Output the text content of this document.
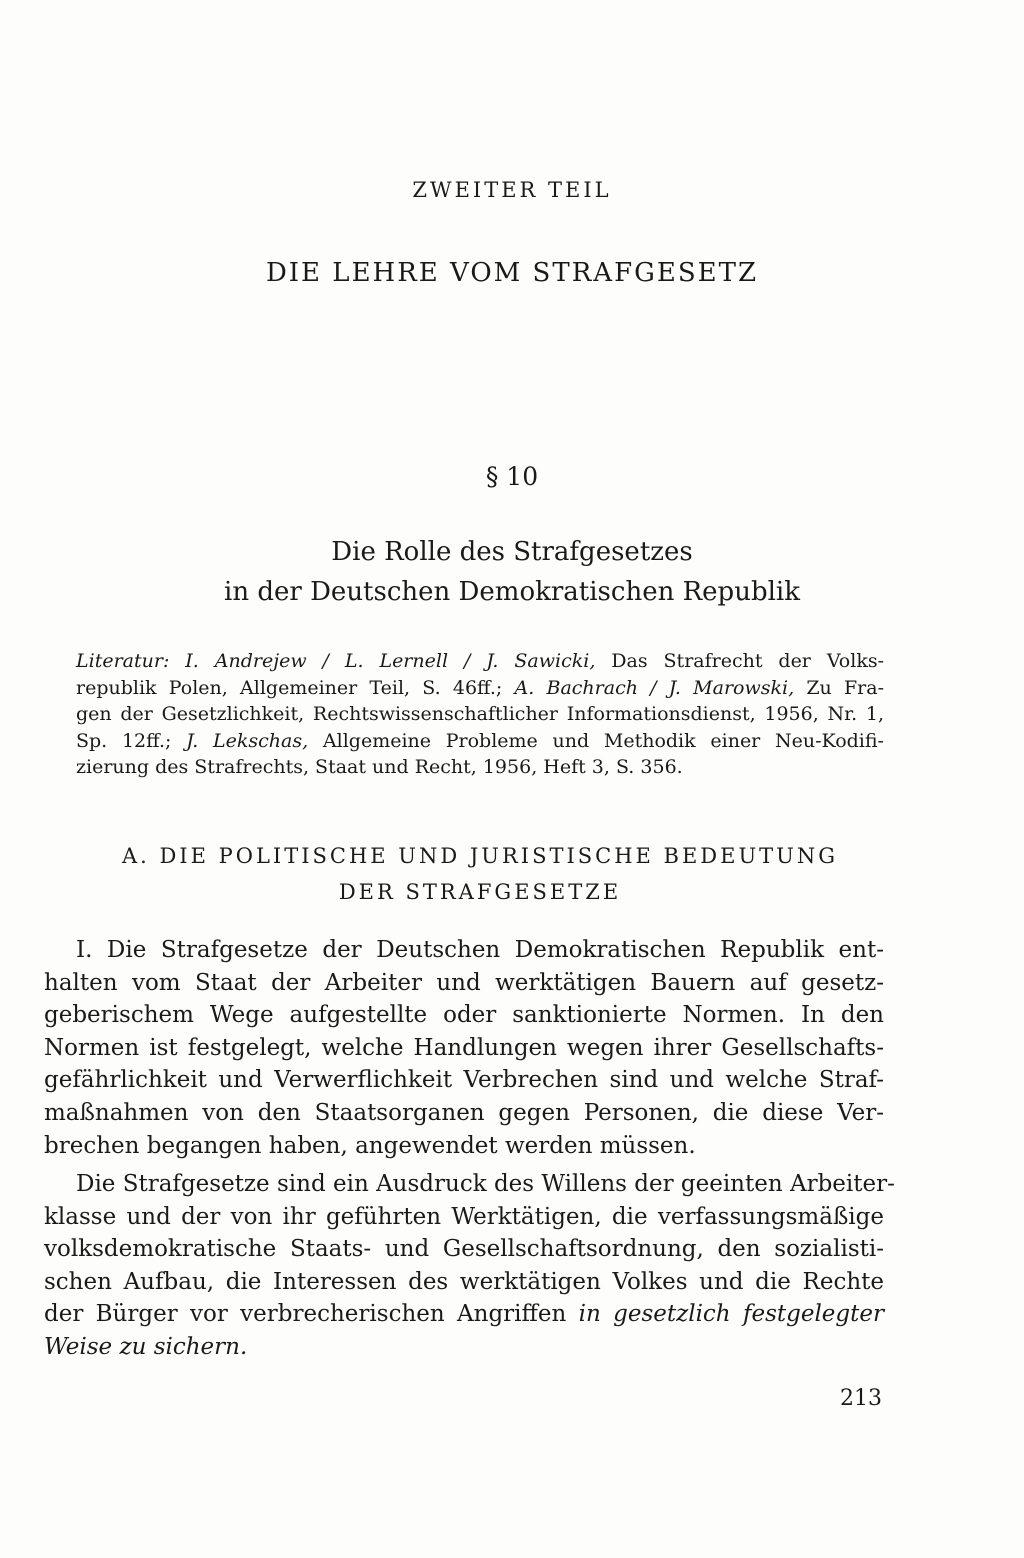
ZWEITER TEIL
DIE LEHRE VOM STRAFGESETZ
§ 10
Die Rolle des Strafgesetzes
in der Deutschen Demokratischen Republik
Literatur: I. Andrejew / L. Lernell / J. Sawicki, Das Strafrecht der Volks-
republik Polen, Allgemeiner Teil, S. 46ff.; A. Bachrach / J. Marowski, Zu Fra-
gen der Gesetzlichkeit, Rechtswissenschaftlicher Informationsdienst, 1956, Nr. 1,
Sp. 12ff.; J. Lekschas, Allgemeine Probleme und Methodik einer Neu-Kodifi-
zierung des Strafrechts, Staat und Recht, 1956, Heft 3, S. 356.
A. DIE POLITISCHE UND JURISTISCHE BEDEUTUNG
DER STRAFGESETZE
I. Die Strafgesetze der Deutschen Demokratischen Republik ent-
halten vom Staat der Arbeiter und werktätigen Bauern auf gesetz-
geberischem Wege aufgestellte oder sanktionierte Normen. In den
Normen ist festgelegt, welche Handlungen wegen ihrer Gesellschafts-
gefährlichkeit und Verwerflichkeit Verbrechen sind und welche Straf-
maßnahmen von den Staatsorganen gegen Personen, die diese Ver-
brechen begangen haben, angewendet werden müssen.
Die Strafgesetze sind ein Ausdruck des Willens der geeinten Arbeiter-
klasse und der von ihr geführten Werktätigen, die verfassungsmäßige
volksdemokratische Staats- und Gesellschaftsordnung, den sozialisti-
schen Aufbau, die Interessen des werktätigen Volkes und die Rechte
der Bürger vor verbrecherischen Angriffen in gesetzlich festgelegter
Weise zu sichern.
213
